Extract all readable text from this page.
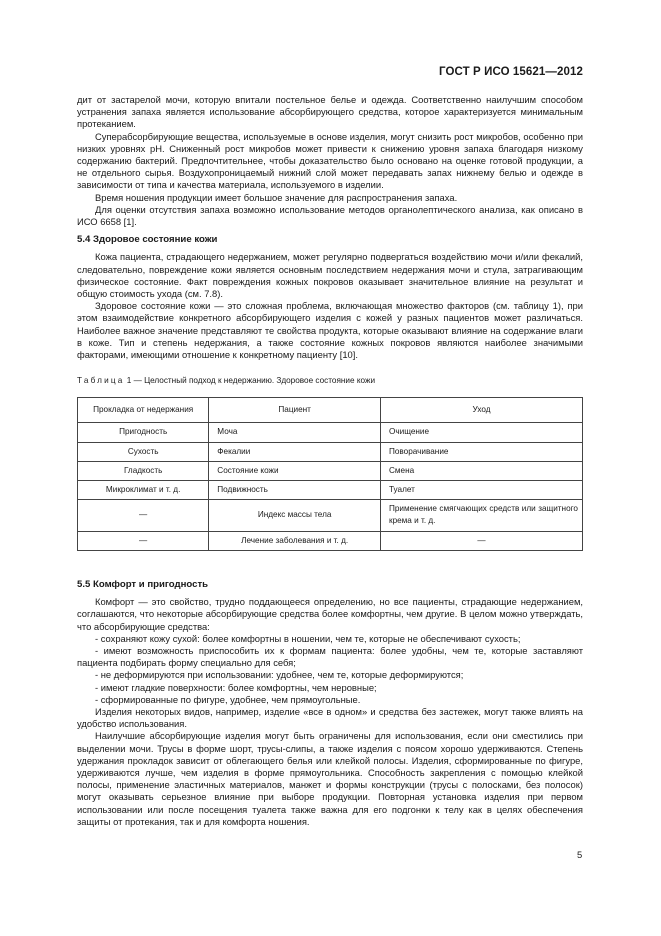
ГОСТ Р ИСО 15621—2012

дит от застарелой мочи, которую впитали постельное белье и одежда. Соответственно наилучшим способом устранения запаха является использование абсорбирующего средства, которое характеризуется минимальным протеканием.

Суперабсорбирующие вещества, используемые в основе изделия, могут снизить рост микробов, особенно при низких уровнях pH. Сниженный рост микробов может привести к снижению уровня запаха благодаря низкому содержанию бактерий. Предпочтительнее, чтобы доказательство было основано на оценке готовой продукции, а не отдельного сырья. Воздухопроницаемый нижний слой может передавать запах нижнему белью и одежде в зависимости от типа и качества материала, используемого в изделии.

Время ношения продукции имеет большое значение для распространения запаха.

Для оценки отсутствия запаха возможно использование методов органолептического анализа, как описано в ИСО 6658 [1].

5.4 Здоровое состояние кожи

Кожа пациента, страдающего недержанием, может регулярно подвергаться воздействию мочи и/или фекалий, следовательно, повреждение кожи является основным последствием недержания мочи и стула, затрагивающим физическое состояние. Факт повреждения кожных покровов оказывает значительное влияние на результат и общую стоимость ухода (см. 7.8).

Здоровое состояние кожи — это сложная проблема, включающая множество факторов (см. таблицу 1), при этом взаимодействие конкретного абсорбирующего изделия с кожей у разных пациентов может различаться. Наиболее важное значение представляют те свойства продукта, которые оказывают влияние на содержание влаги в коже. Тип и степень недержания, а также состояние кожных покровов являются наиболее значимыми факторами, имеющими отношение к конкретному пациенту [10].

Таблица 1 — Целостный подход к недержанию. Здоровое состояние кожи
Прокладка от недержания	Пациент	Уход
Пригодность	Моча	Очищение
Сухость	Фекалии	Поворачивание
Гладкость	Состояние кожи	Смена
Микроклимат и т. д.	Подвижность	Туалет
—	Индекс массы тела	Применение смягчающих средств или защитного крема и т. д.
—	Лечение заболевания и т. д.	—
5.5 Комфорт и пригодность

Комфорт — это свойство, трудно поддающееся определению, но все пациенты, страдающие недержанием, соглашаются, что некоторые абсорбирующие средства более комфортны, чем другие. В целом можно утверждать, что абсорбирующие средства:

- сохраняют кожу сухой: более комфортны в ношении, чем те, которые не обеспечивают сухость;

- имеют возможность приспособить их к формам пациента: более удобны, чем те, которые заставляют пациента подбирать форму специально для себя;

- не деформируются при использовании: удобнее, чем те, которые деформируются;

- имеют гладкие поверхности: более комфортны, чем неровные;

- сформированные по фигуре, удобнее, чем прямоугольные.

Изделия некоторых видов, например, изделие «все в одном» и средства без застежек, могут также влиять на удобство использования.

Наилучшие абсорбирующие изделия могут быть ограничены для использования, если они сместились при выделении мочи. Трусы в форме шорт, трусы-слипы, а также изделия с поясом хорошо удерживаются. Степень удержания прокладок зависит от облегающего белья или клейкой полосы. Изделия, сформированные по фигуре, удерживаются лучше, чем изделия в форме прямоугольника. Способность закрепления с помощью клейкой полосы, применение эластичных материалов, манжет и формы конструкции (трусы с полосками, без полосок) могут оказывать серьезное влияние при выборе продукции. Повторная установка изделия при первом использовании или после посещения туалета также важна для его подгонки к телу как в целях обеспечения защиты от протекания, так и для комфорта ношения.

5
